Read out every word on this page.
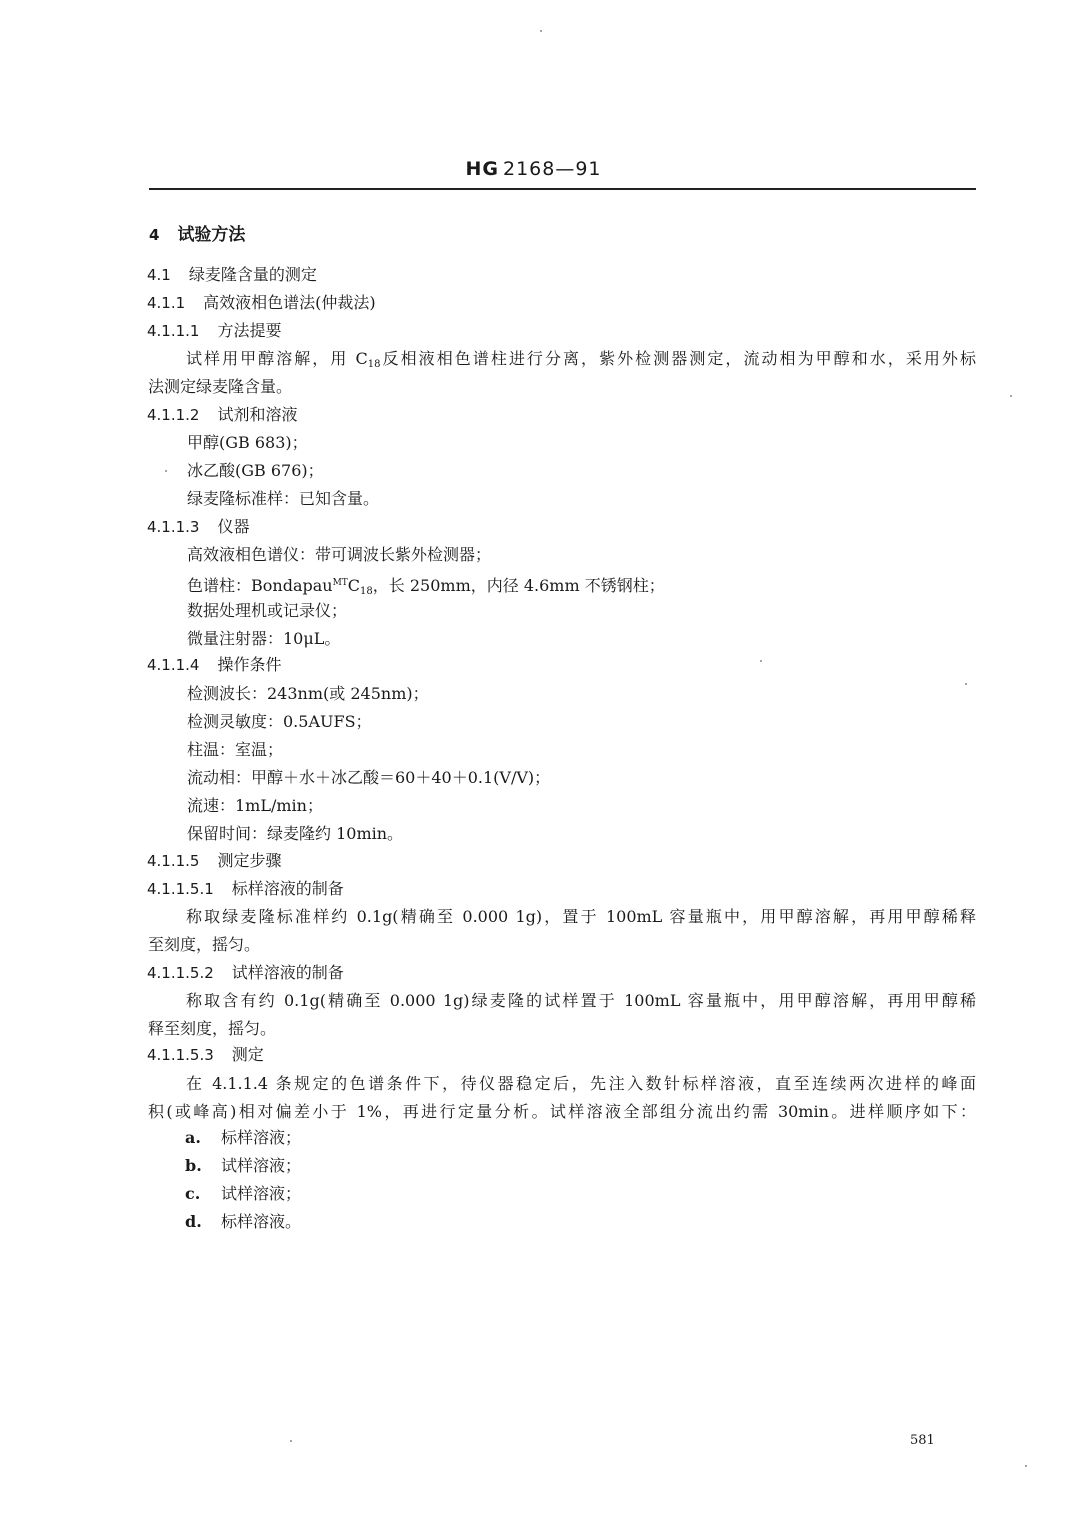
HG 2168—91
4 试验方法
4.1 绿麦隆含量的测定
4.1.1 高效液相色谱法(仲裁法)
4.1.1.1 方法提要
试样用甲醇溶解，用 $C_{18}$反相液相色谱柱进行分离，紫外检测器测定，流动相为甲醇和水，采用外标
法测定绿麦隆含量。
4.1.1.2 试剂和溶液
甲醇(GB 683)；
冰乙酸(GB 676)；
绿麦隆标准样：已知含量。
4.1.1.3 仪器
高效液相色谱仪：带可调波长紫外检测器；
色谱柱：$Bondapau^{MT}C_{18}$，长 250mm，内径 4.6mm 不锈钢柱；
数据处理机或记录仪；
微量注射器：10μL。
4.1.1.4 操作条件
检测波长：243nm(或 245nm)；
检测灵敏度：0.5AUFS；
柱温：室温；
流动相：甲醇＋水＋冰乙酸＝60＋40＋0.1(V/V)；
流速：1mL/min；
保留时间：绿麦隆约 10min。
4.1.1.5 测定步骤
4.1.1.5.1 标样溶液的制备
称取绿麦隆标准样约 0.1g(精确至 0.000 1g)，置于 100mL 容量瓶中，用甲醇溶解，再用甲醇稀释
至刻度，摇匀。
4.1.1.5.2 试样溶液的制备
称取含有约 0.1g(精确至 0.000 1g)绿麦隆的试样置于 100mL 容量瓶中，用甲醇溶解，再用甲醇稀
释至刻度，摇匀。
4.1.1.5.3 测定
在 4.1.1.4 条规定的色谱条件下，待仪器稳定后，先注入数针标样溶液，直至连续两次进样的峰面
积(或峰高)相对偏差小于 1%，再进行定量分析。试样溶液全部组分流出约需 30min。进样顺序如下：
a. 标样溶液；
b. 试样溶液；
c. 试样溶液；
d. 标样溶液。
581
